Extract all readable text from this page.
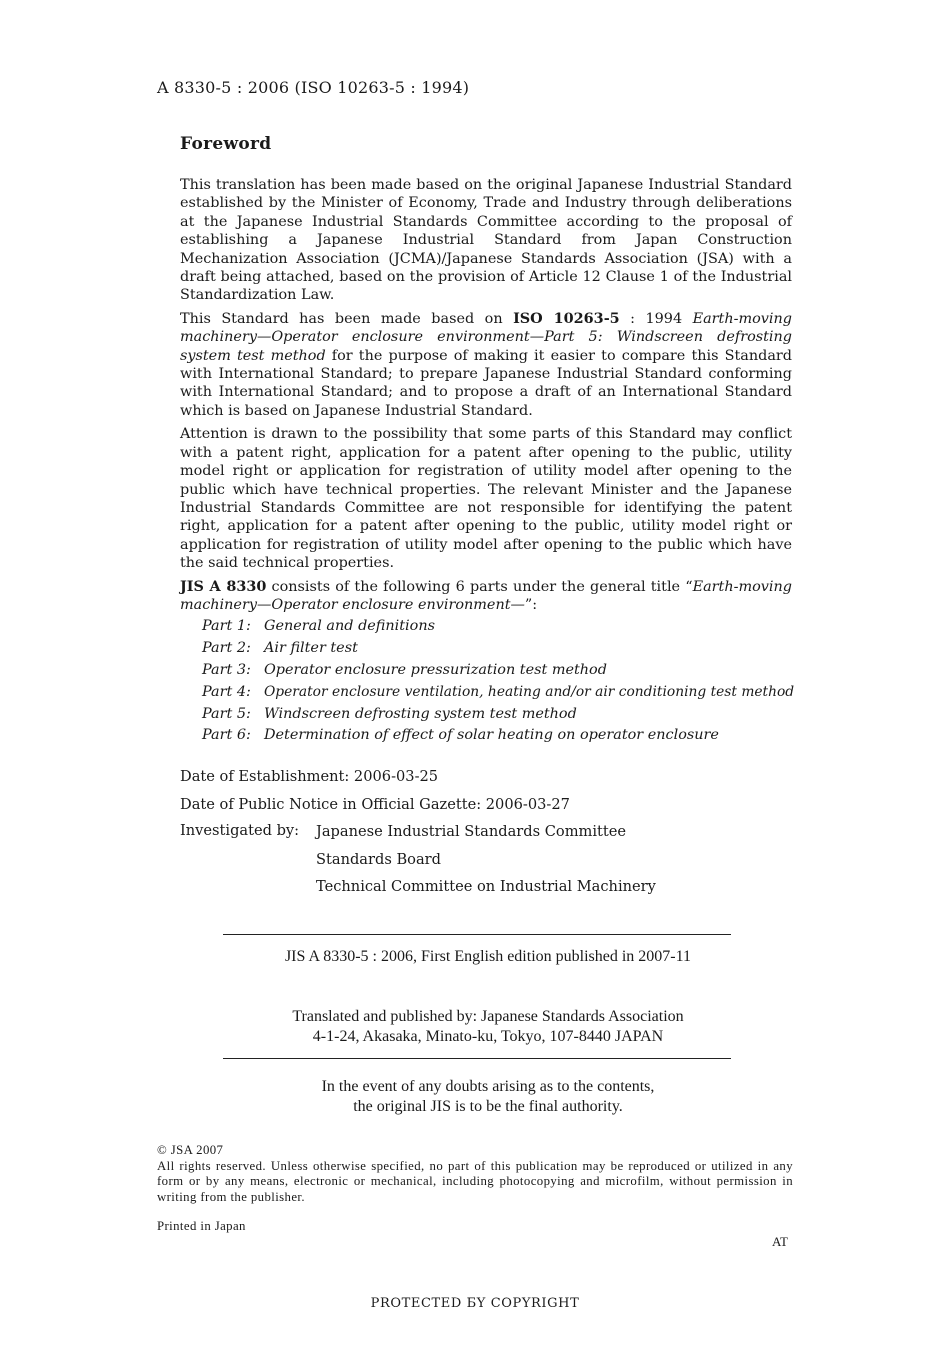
A 8330-5 : 2006 (ISO 10263-5 : 1994)
Foreword

This translation has been made based on the original Japanese Industrial Standard established by the Minister of Economy, Trade and Industry through deliberations at the Japanese Industrial Standards Committee according to the proposal of establishing a Japanese Industrial Standard from Japan Construction Mechanization Association (JCMA)/Japanese Standards Association (JSA) with a draft being attached, based on the provision of Article 12 Clause 1 of the Industrial Standardization Law.

This Standard has been made based on ISO 10263-5 : 1994 Earth-moving machinery—Operator enclosure environment—Part 5: Windscreen defrosting system test method for the purpose of making it easier to compare this Standard with International Standard; to prepare Japanese Industrial Standard conforming with International Standard; and to propose a draft of an International Standard which is based on Japanese Industrial Standard.

Attention is drawn to the possibility that some parts of this Standard may conflict with a patent right, application for a patent after opening to the public, utility model right or application for registration of utility model after opening to the public which have technical properties. The relevant Minister and the Japanese Industrial Standards Committee are not responsible for identifying the patent right, application for a patent after opening to the public, utility model right or application for registration of utility model after opening to the public which have the said technical properties.

JIS A 8330 consists of the following 6 parts under the general title “Earth-moving machinery—Operator enclosure environment—”:

Part 1: General and definitions
Part 2: Air filter test
Part 3: Operator enclosure pressurization test method
Part 4: Operator enclosure ventilation, heating and/or air conditioning test method
Part 5: Windscreen defrosting system test method
Part 6: Determination of effect of solar heating on operator enclosure
Date of Establishment: 2006-03-25
Date of Public Notice in Official Gazette: 2006-03-27
Investigated by:	Japanese Industrial Standards Committee
Standards Board
Technical Committee on Industrial Machinery
JIS A 8330-5 : 2006, First English edition published in 2007-11
Translated and published by: Japanese Standards Association
4-1-24, Akasaka, Minato-ku, Tokyo, 107-8440 JAPAN
In the event of any doubts arising as to the contents,
the original JIS is to be the final authority.
© JSA 2007
All rights reserved. Unless otherwise specified, no part of this publication may be reproduced or utilized in any form or by any means, electronic or mechanical, including photocopying and microfilm, without permission in writing from the publisher.
Printed in Japan
AT
PROTECTED БY COPYRIGHT
